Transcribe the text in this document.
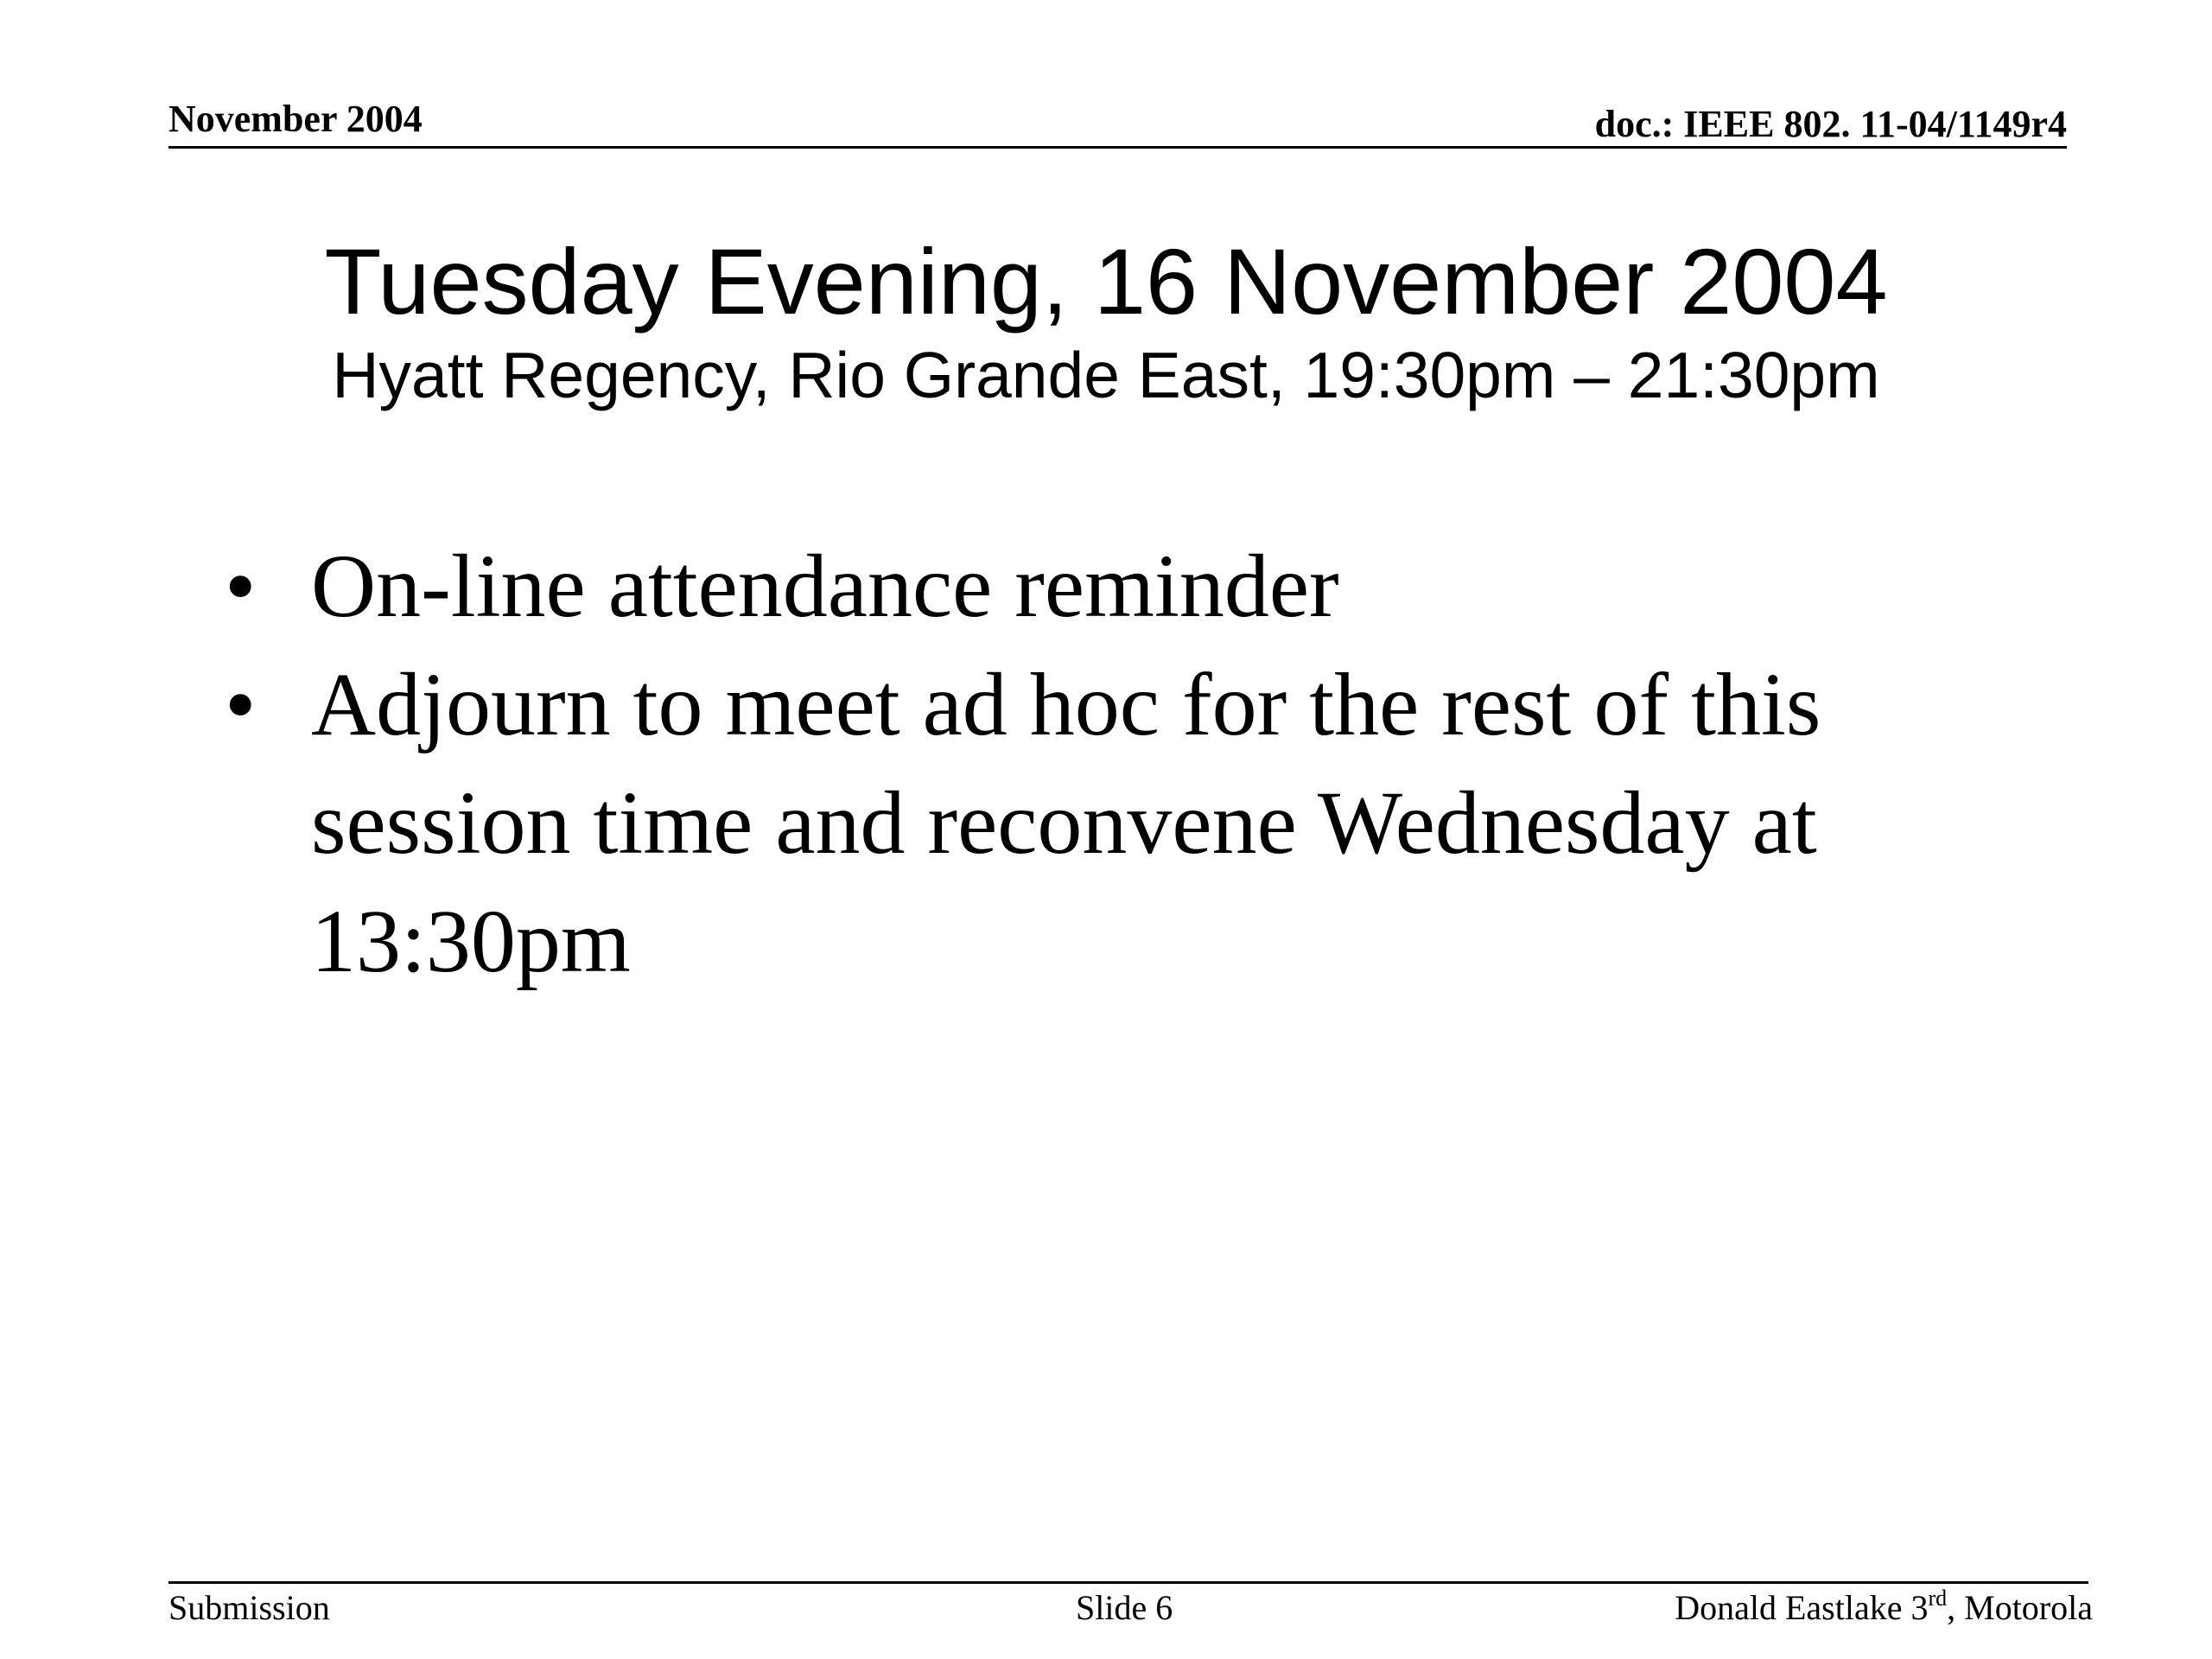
November 2004	doc.: IEEE 802. 11-04/1149r4
Tuesday Evening, 16 November 2004
Hyatt Regency, Rio Grande East, 19:30pm – 21:30pm
• On-line attendance reminder
• Adjourn to meet ad hoc for the rest of this session time and reconvene Wednesday at 13:30pm
Submission	Slide 6	Donald Eastlake 3rd, Motorola
